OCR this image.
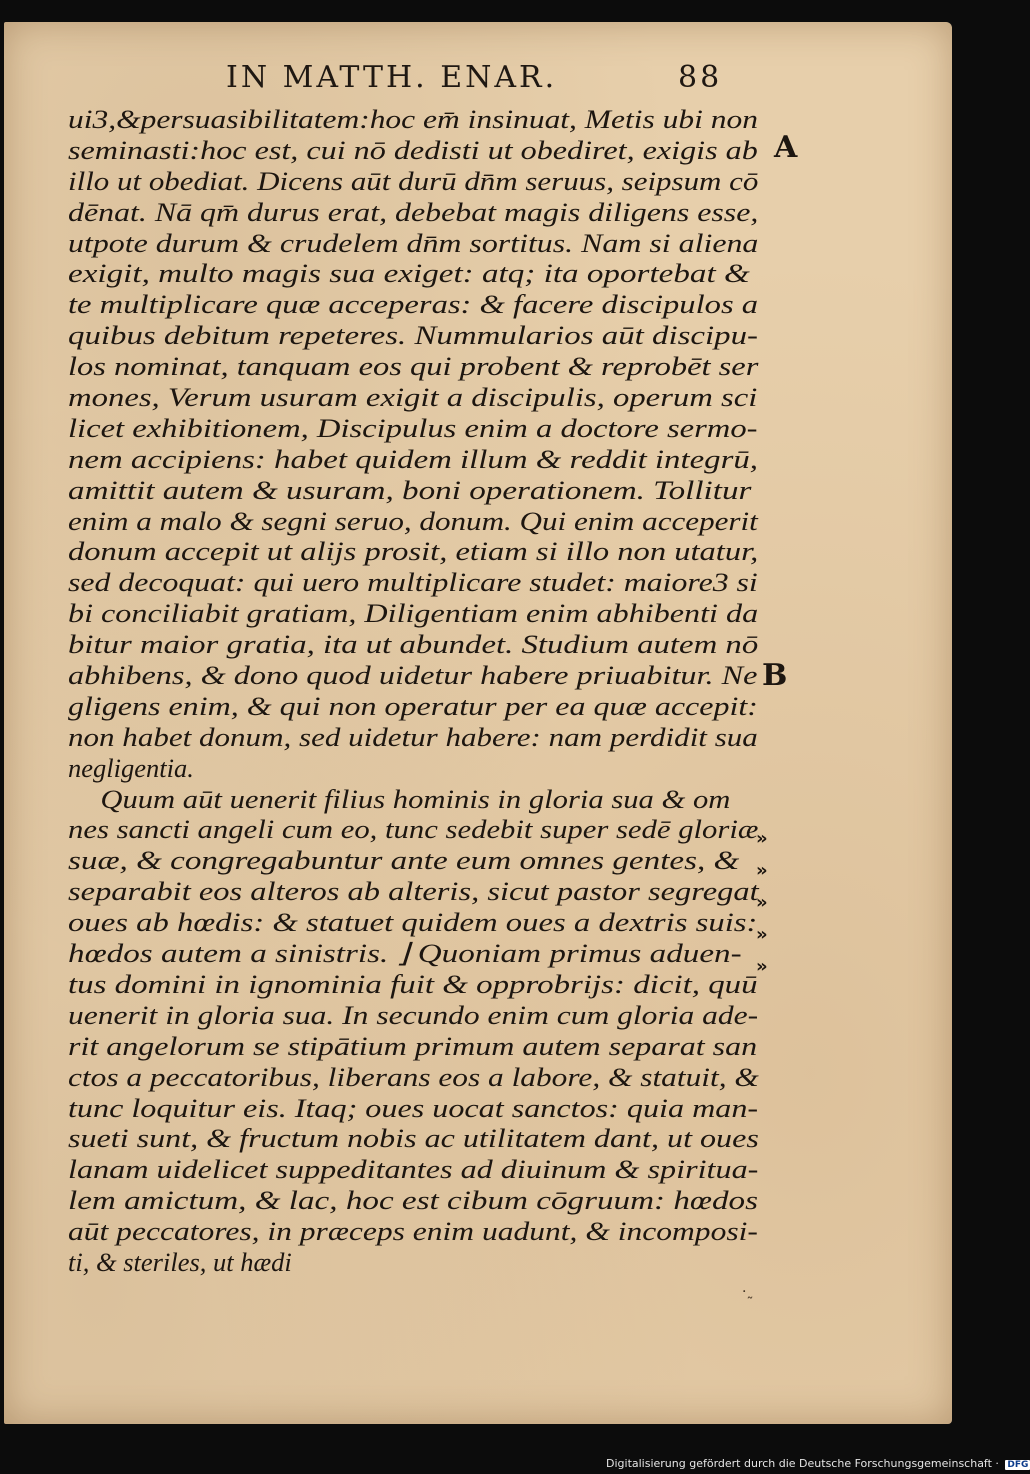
IN MATTH. ENAR.	88
ui3,&persuasibilitatem:hoc em̄ insinuat, Metis ubi non
seminasti:hoc est, cui nō dedisti ut obediret, exigis ab
illo ut obediat. Dicens aūt durū dn̄m seruus, seipsum cō
dēnat. Nā qm̄ durus erat, debebat magis diligens esse,
utpote durum & crudelem dn̄m sortitus. Nam si aliena
exigit, multo magis sua exiget: atq; ita oportebat &
te multiplicare quæ acceperas: & facere discipulos a
quibus debitum repeteres. Nummularios aūt discipu-
los nominat, tanquam eos qui probent & reprobēt ser
mones, Verum usuram exigit a discipulis, operum sci
licet exhibitionem, Discipulus enim a doctore sermo-
nem accipiens: habet quidem illum & reddit integrū,
amittit autem & usuram, boni operationem. Tollitur
enim a malo & segni seruo, donum. Qui enim acceperit
donum accepit ut alijs prosit, etiam si illo non utatur,
sed decoquat: qui uero multiplicare studet: maiore3 si
bi conciliabit gratiam, Diligentiam enim abhibenti da
bitur maior gratia, ita ut abundet. Studium autem nō
abhibens, & dono quod uidetur habere priuabitur. Ne
gligens enim, & qui non operatur per ea quæ accepit:
non habet donum, sed uidetur habere: nam perdidit sua
negligentia.
Quum aūt uenerit filius hominis in gloria sua & om
nes sancti angeli cum eo, tunc sedebit super sedē gloriæ
suæ, & congregabuntur ante eum omnes gentes, &
separabit eos alteros ab alteris, sicut pastor segregat
oues ab hœdis: & statuet quidem oues a dextris suis:
hœdos autem a sinistris. ⌋ Quoniam primus aduen-
tus domini in ignominia fuit & opprobrijs: dicit, quū
uenerit in gloria sua. In secundo enim cum gloria ade-
rit angelorum se stipātium primum autem separat san
ctos a peccatoribus, liberans eos a labore, & statuit, &
tunc loquitur eis. Itaq; oues uocat sanctos: quia man-
sueti sunt, & fructum nobis ac utilitatem dant, ut oues
lanam uidelicet suppeditantes ad diuinum & spiritua-
lem amictum, & lac, hoc est cibum cōgruum: hœdos
aūt peccatores, in præceps enim uadunt, & incomposi-
ti, & steriles, ut hædi
A
B
»
»
»
»
»
·˷
Digitalisierung gefördert durch die Deutsche Forschungsgemeinschaft · DFG
